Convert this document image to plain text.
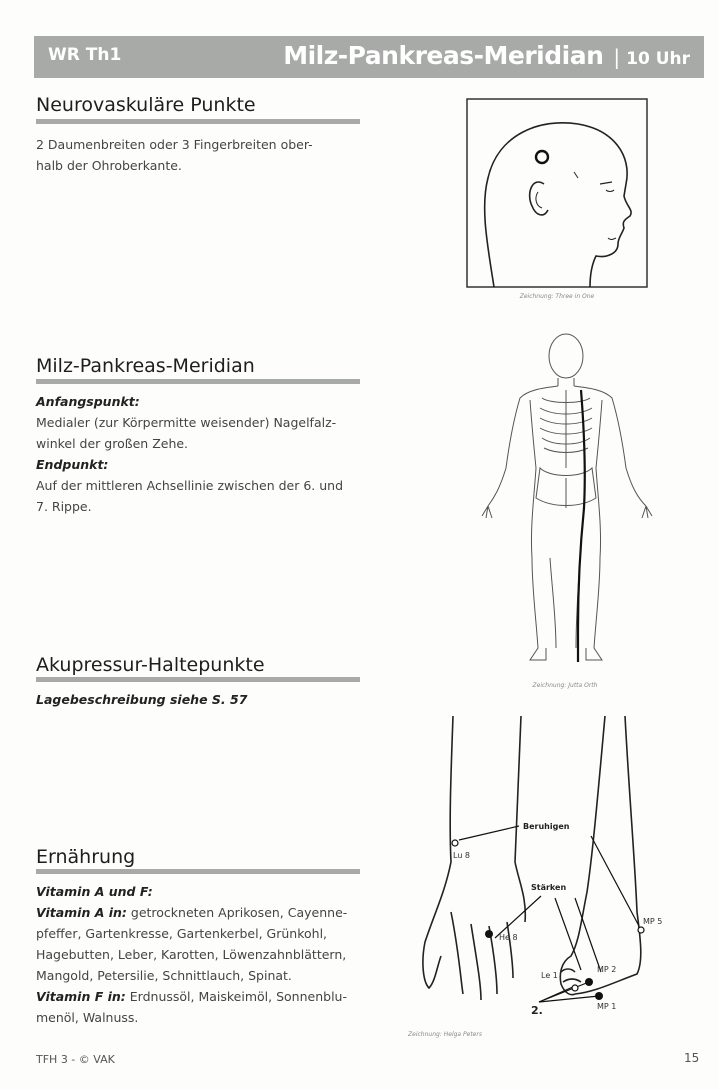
WR Th1	Milz-Pankreas-Meridian | 10 Uhr
Neurovaskuläre Punkte
2 Daumenbreiten oder 3 Fingerbreiten ober-
halb der Ohroberkante.
Zeichnung: Three in One
Milz-Pankreas-Meridian
Anfangspunkt:
Medialer (zur Körpermitte weisender) Nagelfalz-
winkel der großen Zehe.
Endpunkt:
Auf der mittleren Achsellinie zwischen der 6. und
7. Rippe.
Zeichnung: Jutta Orth
Akupressur-Haltepunkte
Lagebeschreibung siehe S. 57
Beruhigen
Stärken
Lu 8
He 8
MP 5
Le 1
MP 2
MP 1
2.
Zeichnung: Helga Peters
Ernährung
Vitamin A und F:
Vitamin A in: getrockneten Aprikosen, Cayenne-
pfeffer, Gartenkresse, Gartenkerbel, Grünkohl,
Hagebutten, Leber, Karotten, Löwenzahnblättern,
Mangold, Petersilie, Schnittlauch, Spinat.
Vitamin F in: Erdnussöl, Maiskeimöl, Sonnenblu-
menöl, Walnuss.
TFH 3 - © VAK	15
